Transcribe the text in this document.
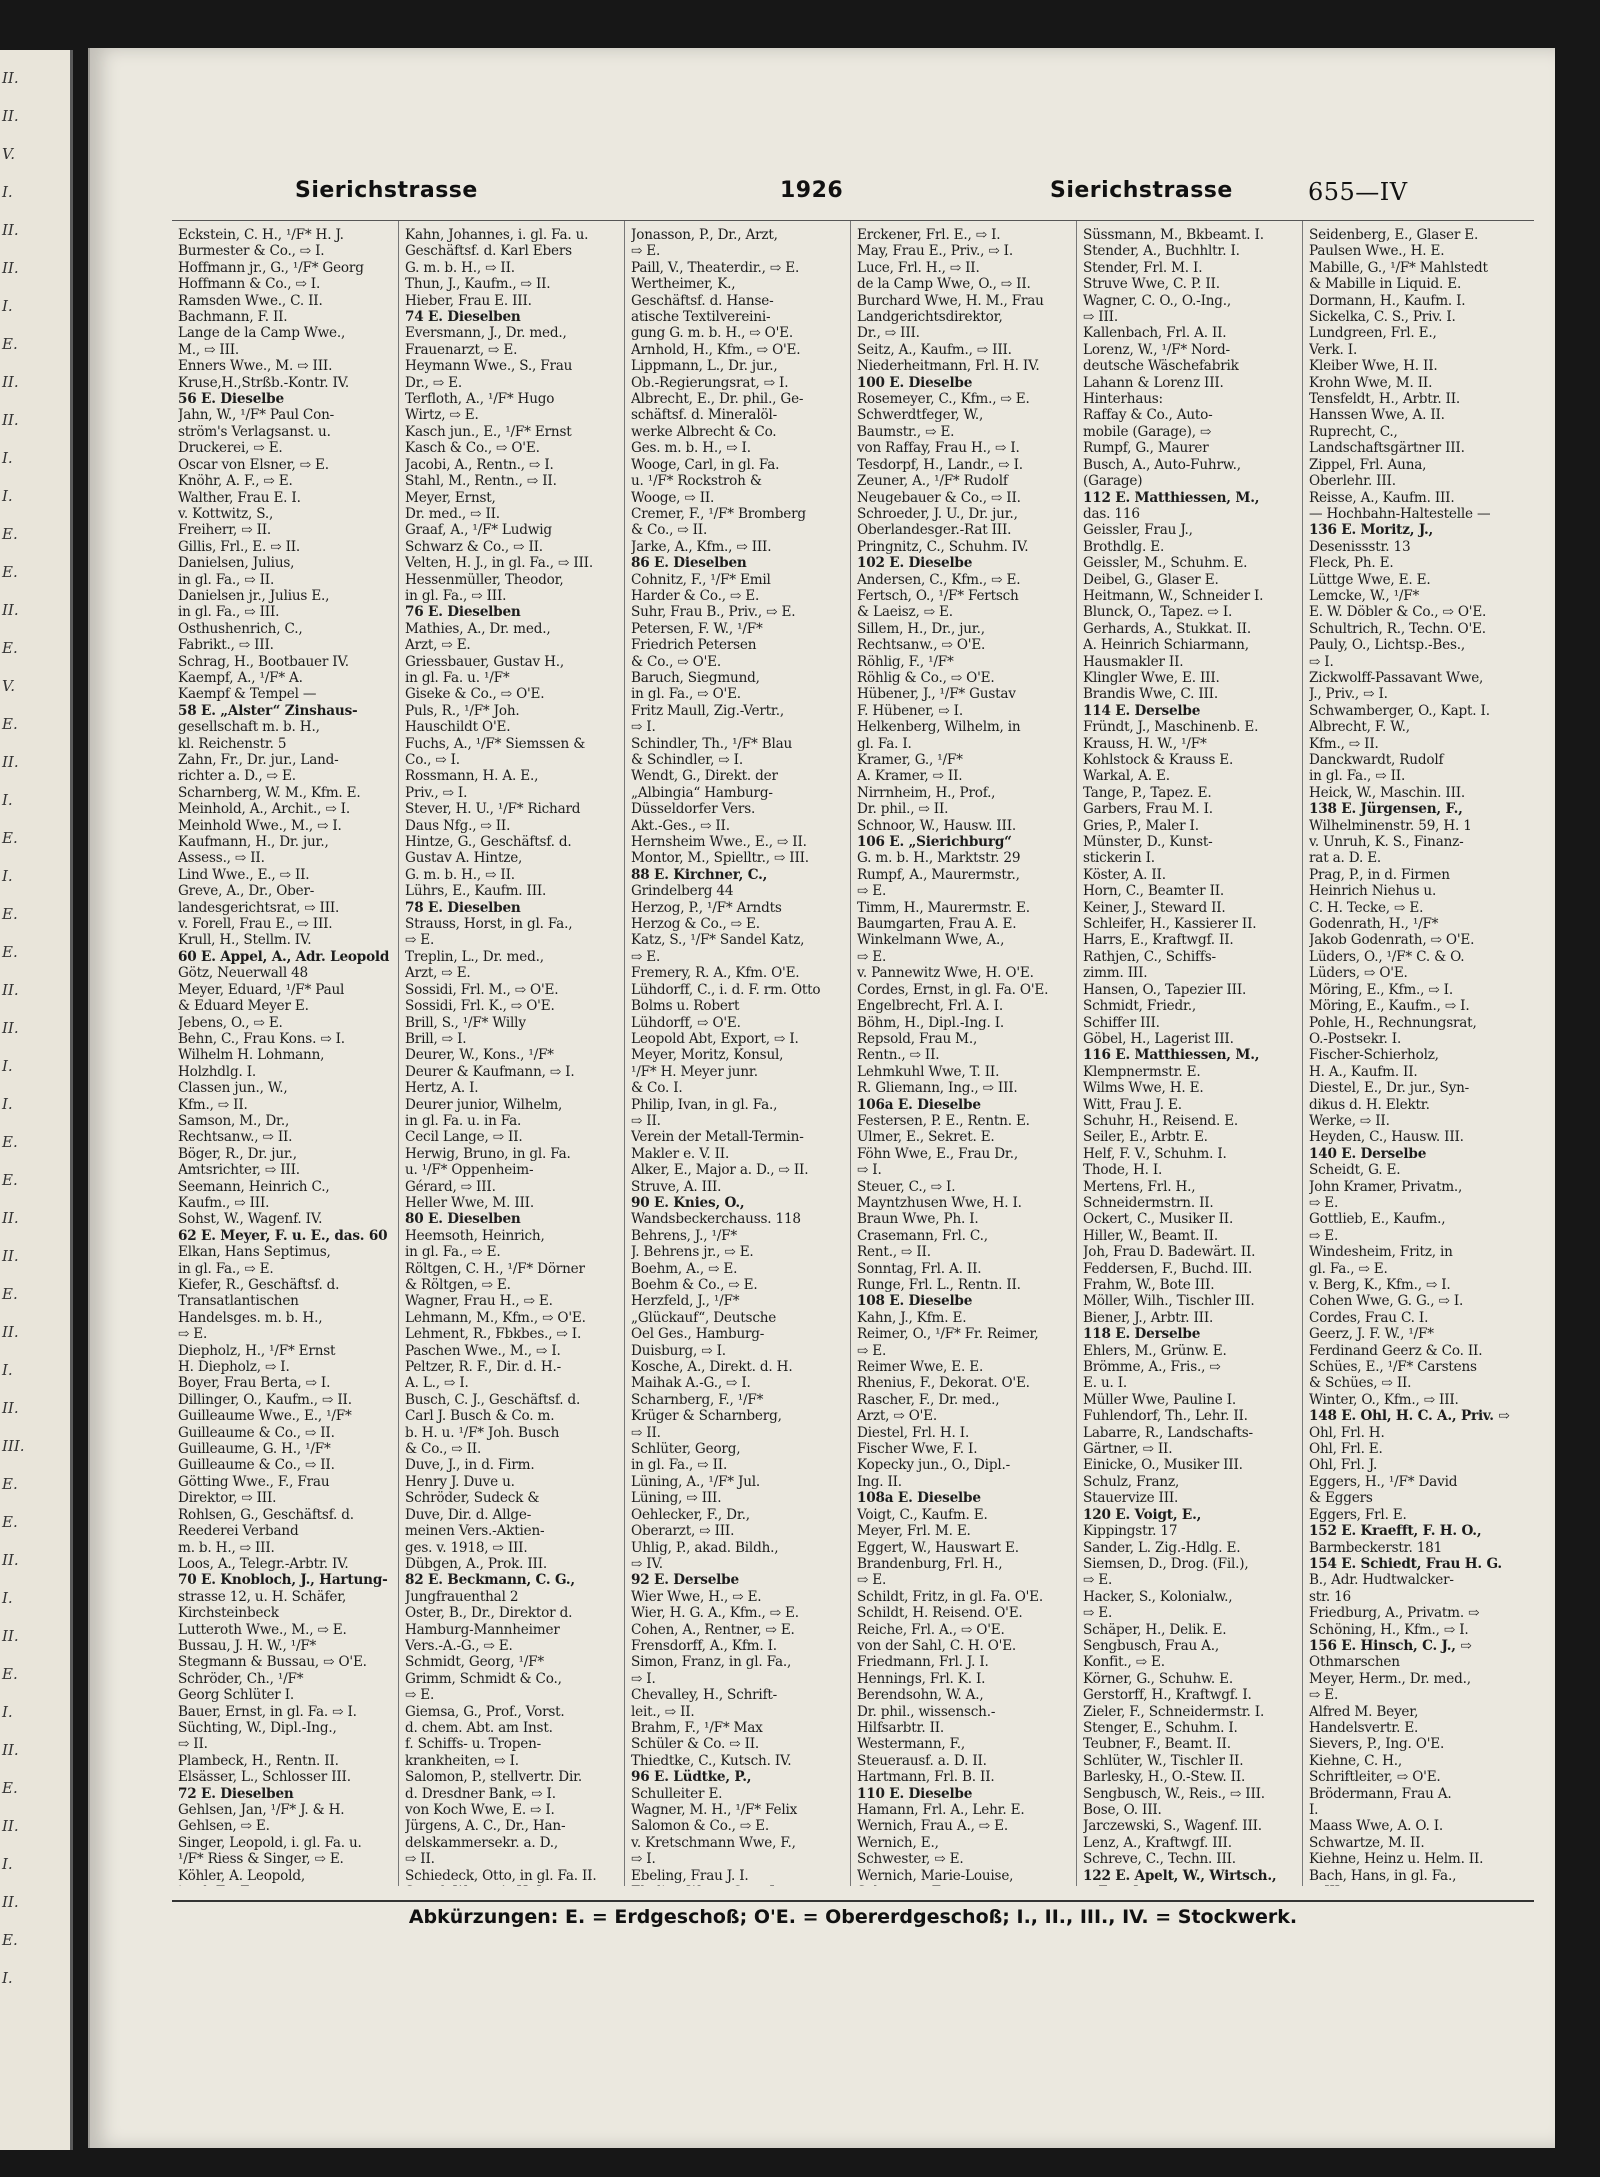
II.
II.
V.
I.
II.
II.
I.
E.
II.
II.
I.
I.
E.
E.
II.
E.
V.
E.
II.
I.
E.
I.
E.
E.
II.
II.
I.
I.
E.
E.
II.
II.
E.
II.
I.
II.
III.
E.
E.
II.
I.
II.
E.
I.
II.
E.
II.
I.
II.
E.
I.
Sierichstrasse	1926	Sierichstrasse	655—IV
Eckstein, C. H., ¹/F* H. J.
Burmester & Co., ⇨ I.
Hoffmann jr., G., ¹/F* Georg
Hoffmann & Co., ⇨ I.
Ramsden Wwe., C. II.
Bachmann, F. II.
Lange de la Camp Wwe.,
M., ⇨ III.
Enners Wwe., M. ⇨ III.
Kruse,H.,Strßb.-Kontr. IV.
56 E. Dieselbe
Jahn, W., ¹/F* Paul Con-
ström's Verlagsanst. u.
Druckerei, ⇨ E.
Oscar von Elsner, ⇨ E.
Knöhr, A. F., ⇨ E.
Walther, Frau E. I.
v. Kottwitz, S.,
Freiherr, ⇨ II.
Gillis, Frl., E. ⇨ II.
Danielsen, Julius,
in gl. Fa., ⇨ II.
Danielsen jr., Julius E.,
in gl. Fa., ⇨ III.
Osthushenrich, C.,
Fabrikt., ⇨ III.
Schrag, H., Bootbauer IV.
Kaempf, A., ¹/F* A.
Kaempf & Tempel —
58 E. „Alster“ Zinshaus-
gesellschaft m. b. H.,
kl. Reichenstr. 5
Zahn, Fr., Dr. jur., Land-
richter a. D., ⇨ E.
Scharnberg, W. M., Kfm. E.
Meinhold, A., Archit., ⇨ I.
Meinhold Wwe., M., ⇨ I.
Kaufmann, H., Dr. jur.,
Assess., ⇨ II.
Lind Wwe., E., ⇨ II.
Greve, A., Dr., Ober-
landesgerichtsrat, ⇨ III.
v. Forell, Frau E., ⇨ III.
Krull, H., Stellm. IV.
60 E. Appel, A., Adr. Leopold
Götz, Neuerwall 48
Meyer, Eduard, ¹/F* Paul
& Eduard Meyer E.
Jebens, O., ⇨ E.
Behn, C., Frau Kons. ⇨ I.
Wilhelm H. Lohmann,
Holzhdlg. I.
Classen jun., W.,
Kfm., ⇨ II.
Samson, M., Dr.,
Rechtsanw., ⇨ II.
Böger, R., Dr. jur.,
Amtsrichter, ⇨ III.
Seemann, Heinrich C.,
Kaufm., ⇨ III.
Sohst, W., Wagenf. IV.
62 E. Meyer, F. u. E., das. 60
Elkan, Hans Septimus,
in gl. Fa., ⇨ E.
Kiefer, R., Geschäftsf. d.
Transatlantischen
Handelsges. m. b. H.,
⇨ E.
Diepholz, H., ¹/F* Ernst
H. Diepholz, ⇨ I.
Boyer, Frau Berta, ⇨ I.
Dillinger, O., Kaufm., ⇨ II.
Guilleaume Wwe., E., ¹/F*
Guilleaume & Co., ⇨ II.
Guilleaume, G. H., ¹/F*
Guilleaume & Co., ⇨ II.
Götting Wwe., F., Frau
Direktor, ⇨ III.
Rohlsen, G., Geschäftsf. d.
Reederei Verband
m. b. H., ⇨ III.
Loos, A., Telegr.-Arbtr. IV.
70 E. Knobloch, J., Hartung-
strasse 12, u. H. Schäfer,
Kirchsteinbeck
Lutteroth Wwe., M., ⇨ E.
Bussau, J. H. W., ¹/F*
Stegmann & Bussau, ⇨ O'E.
Schröder, Ch., ¹/F*
Georg Schlüter I.
Bauer, Ernst, in gl. Fa. ⇨ I.
Süchting, W., Dipl.-Ing.,
⇨ II.
Plambeck, H., Rentn. II.
Elsässer, L., Schlosser III.
72 E. Dieselben
Gehlsen, Jan, ¹/F* J. & H.
Gehlsen, ⇨ E.
Singer, Leopold, i. gl. Fa. u.
¹/F* Riess & Singer, ⇨ E.
Köhler, A. Leopold,
Kahn, Johannes, i. gl. Fa. u.
Geschäftsf. d. Karl Ebers
G. m. b. H., ⇨ II.
Thun, J., Kaufm., ⇨ II.
Hieber, Frau E. III.
74 E. Dieselben
Eversmann, J., Dr. med.,
Frauenarzt, ⇨ E.
Heymann Wwe., S., Frau
Dr., ⇨ E.
Terfloth, A., ¹/F* Hugo
Wirtz, ⇨ E.
Kasch jun., E., ¹/F* Ernst
Kasch & Co., ⇨ O'E.
Jacobi, A., Rentn., ⇨ I.
Stahl, M., Rentn., ⇨ II.
Meyer, Ernst,
Dr. med., ⇨ II.
Graaf, A., ¹/F* Ludwig
Schwarz & Co., ⇨ II.
Velten, H. J., in gl. Fa., ⇨ III.
Hessenmüller, Theodor,
in gl. Fa., ⇨ III.
76 E. Dieselben
Mathies, A., Dr. med.,
Arzt, ⇨ E.
Griessbauer, Gustav H.,
in gl. Fa. u. ¹/F*
Giseke & Co., ⇨ O'E.
Puls, R., ¹/F* Joh.
Hauschildt O'E.
Fuchs, A., ¹/F* Siemssen &
Co., ⇨ I.
Rossmann, H. A. E.,
Priv., ⇨ I.
Stever, H. U., ¹/F* Richard
Daus Nfg., ⇨ II.
Hintze, G., Geschäftsf. d.
Gustav A. Hintze,
G. m. b. H., ⇨ II.
Lührs, E., Kaufm. III.
78 E. Dieselben
Strauss, Horst, in gl. Fa.,
⇨ E.
Treplin, L., Dr. med.,
Arzt, ⇨ E.
Sossidi, Frl. M., ⇨ O'E.
Sossidi, Frl. K., ⇨ O'E.
Brill, S., ¹/F* Willy
Brill, ⇨ I.
Deurer, W., Kons., ¹/F*
Deurer & Kaufmann, ⇨ I.
Hertz, A. I.
Deurer junior, Wilhelm,
in gl. Fa. u. in Fa.
Cecil Lange, ⇨ II.
Herwig, Bruno, in gl. Fa.
u. ¹/F* Oppenheim-
Gérard, ⇨ III.
Heller Wwe, M. III.
80 E. Dieselben
Heemsoth, Heinrich,
in gl. Fa., ⇨ E.
Röltgen, C. H., ¹/F* Dörner
& Röltgen, ⇨ E.
Wagner, Frau H., ⇨ E.
Lehmann, M., Kfm., ⇨ O'E.
Lehment, R., Fbkbes., ⇨ I.
Paschen Wwe., M., ⇨ I.
Peltzer, R. F., Dir. d. H.-
A. L., ⇨ I.
Busch, C. J., Geschäftsf. d.
Carl J. Busch & Co. m.
b. H. u. ¹/F* Joh. Busch
& Co., ⇨ II.
Duve, J., in d. Firm.
Henry J. Duve u.
Schröder, Sudeck &
Duve, Dir. d. Allge-
meinen Vers.-Aktien-
ges. v. 1918, ⇨ III.
Dübgen, A., Prok. III.
82 E. Beckmann, C. G.,
Jungfrauenthal 2
Oster, B., Dr., Direktor d.
Hamburg-Mannheimer
Vers.-A.-G., ⇨ E.
Schmidt, Georg, ¹/F*
Grimm, Schmidt & Co.,
⇨ E.
Giemsa, G., Prof., Vorst.
d. chem. Abt. am Inst.
f. Schiffs- u. Tropen-
krankheiten, ⇨ I.
Salomon, P., stellvertr. Dir.
d. Dresdner Bank, ⇨ I.
von Koch Wwe, E. ⇨ I.
Jürgens, A. C., Dr., Han-
delskammersekr. a. D.,
⇨ II.
Schiedeck, Otto, in gl. Fa. II.
Jonasson, P., Dr., Arzt,
⇨ E.
Paill, V., Theaterdir., ⇨ E.
Wertheimer, K.,
Geschäftsf. d. Hanse-
atische Textilvereini-
gung G. m. b. H., ⇨ O'E.
Arnhold, H., Kfm., ⇨ O'E.
Lippmann, L., Dr. jur.,
Ob.-Regierungsrat, ⇨ I.
Albrecht, E., Dr. phil., Ge-
schäftsf. d. Mineralöl-
werke Albrecht & Co.
Ges. m. b. H., ⇨ I.
Wooge, Carl, in gl. Fa.
u. ¹/F* Rockstroh &
Wooge, ⇨ II.
Cremer, F., ¹/F* Bromberg
& Co., ⇨ II.
Jarke, A., Kfm., ⇨ III.
86 E. Dieselben
Cohnitz, F., ¹/F* Emil
Harder & Co., ⇨ E.
Suhr, Frau B., Priv., ⇨ E.
Petersen, F. W., ¹/F*
Friedrich Petersen
& Co., ⇨ O'E.
Baruch, Siegmund,
in gl. Fa., ⇨ O'E.
Fritz Maull, Zig.-Vertr.,
⇨ I.
Schindler, Th., ¹/F* Blau
& Schindler, ⇨ I.
Wendt, G., Direkt. der
„Albingia“ Hamburg-
Düsseldorfer Vers.
Akt.-Ges., ⇨ II.
Hernsheim Wwe., E., ⇨ II.
Montor, M., Spielltr., ⇨ III.
88 E. Kirchner, C.,
Grindelberg 44
Herzog, P., ¹/F* Arndts
Herzog & Co., ⇨ E.
Katz, S., ¹/F* Sandel Katz,
⇨ E.
Fremery, R. A., Kfm. O'E.
Lühdorff, C., i. d. F. rm. Otto
Bolms u. Robert
Lühdorff, ⇨ O'E.
Leopold Abt, Export, ⇨ I.
Meyer, Moritz, Konsul,
¹/F* H. Meyer junr.
& Co. I.
Philip, Ivan, in gl. Fa.,
⇨ II.
Verein der Metall-Termin-
Makler e. V. II.
Alker, E., Major a. D., ⇨ II.
Struve, A. III.
90 E. Knies, O.,
Wandsbeckerchauss. 118
Behrens, J., ¹/F*
J. Behrens jr., ⇨ E.
Boehm, A., ⇨ E.
Boehm & Co., ⇨ E.
Herzfeld, J., ¹/F*
„Glückauf“, Deutsche
Oel Ges., Hamburg-
Duisburg, ⇨ I.
Kosche, A., Direkt. d. H.
Maihak A.-G., ⇨ I.
Scharnberg, F., ¹/F*
Krüger & Scharnberg,
⇨ II.
Schlüter, Georg,
in gl. Fa., ⇨ II.
Lüning, A., ¹/F* Jul.
Lüning, ⇨ III.
Oehlecker, F., Dr.,
Oberarzt, ⇨ III.
Uhlig, P., akad. Bildh.,
⇨ IV.
92 E. Derselbe
Wier Wwe, H., ⇨ E.
Wier, H. G. A., Kfm., ⇨ E.
Cohen, A., Rentner, ⇨ E.
Frensdorff, A., Kfm. I.
Simon, Franz, in gl. Fa.,
⇨ I.
Chevalley, H., Schrift-
leit., ⇨ II.
Brahm, F., ¹/F* Max
Schüler & Co. ⇨ II.
Thiedtke, C., Kutsch. IV.
96 E. Lüdtke, P.,
Schulleiter E.
Wagner, M. H., ¹/F* Felix
Salomon & Co., ⇨ E.
v. Kretschmann Wwe, F.,
⇨ I.
Ebeling, Frau J. I.
Erckener, Frl. E., ⇨ I.
May, Frau E., Priv., ⇨ I.
Luce, Frl. H., ⇨ II.
de la Camp Wwe, O., ⇨ II.
Burchard Wwe, H. M., Frau
Landgerichtsdirektor,
Dr., ⇨ III.
Seitz, A., Kaufm., ⇨ III.
Niederheitmann, Frl. H. IV.
100 E. Dieselbe
Rosemeyer, C., Kfm., ⇨ E.
Schwerdtfeger, W.,
Baumstr., ⇨ E.
von Raffay, Frau H., ⇨ I.
Tesdorpf, H., Landr., ⇨ I.
Zeuner, A., ¹/F* Rudolf
Neugebauer & Co., ⇨ II.
Schroeder, J. U., Dr. jur.,
Oberlandesger.-Rat III.
Pringnitz, C., Schuhm. IV.
102 E. Dieselbe
Andersen, C., Kfm., ⇨ E.
Fertsch, O., ¹/F* Fertsch
& Laeisz, ⇨ E.
Sillem, H., Dr., jur.,
Rechtsanw., ⇨ O'E.
Röhlig, F., ¹/F*
Röhlig & Co., ⇨ O'E.
Hübener, J., ¹/F* Gustav
F. Hübener, ⇨ I.
Helkenberg, Wilhelm, in
gl. Fa. I.
Kramer, G., ¹/F*
A. Kramer, ⇨ II.
Nirrnheim, H., Prof.,
Dr. phil., ⇨ II.
Schnoor, W., Hausw. III.
106 E. „Sierichburg“
G. m. b. H., Marktstr. 29
Rumpf, A., Maurermstr.,
⇨ E.
Timm, H., Maurermstr. E.
Baumgarten, Frau A. E.
Winkelmann Wwe, A.,
⇨ E.
v. Pannewitz Wwe, H. O'E.
Cordes, Ernst, in gl. Fa. O'E.
Engelbrecht, Frl. A. I.
Böhm, H., Dipl.-Ing. I.
Repsold, Frau M.,
Rentn., ⇨ II.
Lehmkuhl Wwe, T. II.
R. Gliemann, Ing., ⇨ III.
106a E. Dieselbe
Festersen, P. E., Rentn. E.
Ulmer, E., Sekret. E.
Föhn Wwe, E., Frau Dr.,
⇨ I.
Steuer, C., ⇨ I.
Mayntzhusen Wwe, H. I.
Braun Wwe, Ph. I.
Crasemann, Frl. C.,
Rent., ⇨ II.
Sonntag, Frl. A. II.
Runge, Frl. L., Rentn. II.
108 E. Dieselbe
Kahn, J., Kfm. E.
Reimer, O., ¹/F* Fr. Reimer,
⇨ E.
Reimer Wwe, E. E.
Rhenius, F., Dekorat. O'E.
Rascher, F., Dr. med.,
Arzt, ⇨ O'E.
Diestel, Frl. H. I.
Fischer Wwe, F. I.
Kopecky jun., O., Dipl.-
Ing. II.
108a E. Dieselbe
Voigt, C., Kaufm. E.
Meyer, Frl. M. E.
Eggert, W., Hauswart E.
Brandenburg, Frl. H.,
⇨ E.
Schildt, Fritz, in gl. Fa. O'E.
Schildt, H. Reisend. O'E.
Reiche, Frl. A., ⇨ O'E.
von der Sahl, C. H. O'E.
Friedmann, Frl. J. I.
Hennings, Frl. K. I.
Berendsohn, W. A.,
Dr. phil., wissensch.-
Hilfsarbtr. II.
Westermann, F.,
Steuerausf. a. D. II.
Hartmann, Frl. B. II.
110 E. Dieselbe
Hamann, Frl. A., Lehr. E.
Wernich, Frau A., ⇨ E.
Wernich, E.,
Schwester, ⇨ E.
Wernich, Marie-Louise,
Süssmann, M., Bkbeamt. I.
Stender, A., Buchhltr. I.
Stender, Frl. M. I.
Struve Wwe, C. P. II.
Wagner, C. O., O.-Ing.,
⇨ III.
Kallenbach, Frl. A. II.
Lorenz, W., ¹/F* Nord-
deutsche Wäschefabrik
Lahann & Lorenz III.
Hinterhaus:
Raffay & Co., Auto-
mobile (Garage), ⇨
Rumpf, G., Maurer
Busch, A., Auto-Fuhrw.,
(Garage)
112 E. Matthiessen, M.,
das. 116
Geissler, Frau J.,
Brothdlg. E.
Geissler, M., Schuhm. E.
Deibel, G., Glaser E.
Heitmann, W., Schneider I.
Blunck, O., Tapez. ⇨ I.
Gerhards, A., Stukkat. II.
A. Heinrich Schiarmann,
Hausmakler II.
Klingler Wwe, E. III.
Brandis Wwe, C. III.
114 E. Derselbe
Fründt, J., Maschinenb. E.
Krauss, H. W., ¹/F*
Kohlstock & Krauss E.
Warkal, A. E.
Tange, P., Tapez. E.
Garbers, Frau M. I.
Gries, P., Maler I.
Münster, D., Kunst-
stickerin I.
Köster, A. II.
Horn, C., Beamter II.
Keiner, J., Steward II.
Schleifer, H., Kassierer II.
Harrs, E., Kraftwgf. II.
Rathjen, C., Schiffs-
zimm. III.
Hansen, O., Tapezier III.
Schmidt, Friedr.,
Schiffer III.
Göbel, H., Lagerist III.
116 E. Matthiessen, M.,
Klempnermstr. E.
Wilms Wwe, H. E.
Witt, Frau J. E.
Schuhr, H., Reisend. E.
Seiler, E., Arbtr. E.
Helf, F. V., Schuhm. I.
Thode, H. I.
Mertens, Frl. H.,
Schneidermstrn. II.
Ockert, C., Musiker II.
Hiller, W., Beamt. II.
Joh, Frau D. Badewärt. II.
Feddersen, F., Buchd. III.
Frahm, W., Bote III.
Möller, Wilh., Tischler III.
Biener, J., Arbtr. III.
118 E. Derselbe
Ehlers, M., Grünw. E.
Brömme, A., Fris., ⇨
E. u. I.
Müller Wwe, Pauline I.
Fuhlendorf, Th., Lehr. II.
Labarre, R., Landschafts-
Gärtner, ⇨ II.
Einicke, O., Musiker III.
Schulz, Franz,
Stauervize III.
120 E. Voigt, E.,
Kippingstr. 17
Sander, L. Zig.-Hdlg. E.
Siemsen, D., Drog. (Fil.),
⇨ E.
Hacker, S., Kolonialw.,
⇨ E.
Schäper, H., Delik. E.
Sengbusch, Frau A.,
Konfit., ⇨ E.
Körner, G., Schuhw. E.
Gerstorff, H., Kraftwgf. I.
Zieler, F., Schneidermstr. I.
Stenger, E., Schuhm. I.
Teubner, F., Beamt. II.
Schlüter, W., Tischler II.
Barlesky, H., O.-Stew. II.
Sengbusch, W., Reis., ⇨ III.
Bose, O. III.
Jarczewski, S., Wagenf. III.
Lenz, A., Kraftwgf. III.
Schreve, C., Techn. III.
122 E. Apelt, W., Wirtsch.,
Seidenberg, E., Glaser E.
Paulsen Wwe., H. E.
Mabille, G., ¹/F* Mahlstedt
& Mabille in Liquid. E.
Dormann, H., Kaufm. I.
Sickelka, C. S., Priv. I.
Lundgreen, Frl. E.,
Verk. I.
Kleiber Wwe, H. II.
Krohn Wwe, M. II.
Tensfeldt, H., Arbtr. II.
Hanssen Wwe, A. II.
Ruprecht, C.,
Landschaftsgärtner III.
Zippel, Frl. Auna,
Oberlehr. III.
Reisse, A., Kaufm. III.
— Hochbahn-Haltestelle —
136 E. Moritz, J.,
Desenissstr. 13
Fleck, Ph. E.
Lüttge Wwe, E. E.
Lemcke, W., ¹/F*
E. W. Döbler & Co., ⇨ O'E.
Schultrich, R., Techn. O'E.
Pauly, O., Lichtsp.-Bes.,
⇨ I.
Zickwolff-Passavant Wwe,
J., Priv., ⇨ I.
Schwamberger, O., Kapt. I.
Albrecht, F. W.,
Kfm., ⇨ II.
Danckwardt, Rudolf
in gl. Fa., ⇨ II.
Heick, W., Maschin. III.
138 E. Jürgensen, F.,
Wilhelminenstr. 59, H. 1
v. Unruh, K. S., Finanz-
rat a. D. E.
Prag, P., in d. Firmen
Heinrich Niehus u.
C. H. Tecke, ⇨ E.
Godenrath, H., ¹/F*
Jakob Godenrath, ⇨ O'E.
Lüders, O., ¹/F* C. & O.
Lüders, ⇨ O'E.
Möring, E., Kfm., ⇨ I.
Möring, E., Kaufm., ⇨ I.
Pohle, H., Rechnungsrat,
O.-Postsekr. I.
Fischer-Schierholz,
H. A., Kaufm. II.
Diestel, E., Dr. jur., Syn-
dikus d. H. Elektr.
Werke, ⇨ II.
Heyden, C., Hausw. III.
140 E. Derselbe
Scheidt, G. E.
John Kramer, Privatm.,
⇨ E.
Gottlieb, E., Kaufm.,
⇨ E.
Windesheim, Fritz, in
gl. Fa., ⇨ E.
v. Berg, K., Kfm., ⇨ I.
Cohen Wwe, G. G., ⇨ I.
Cordes, Frau C. I.
Geerz, J. F. W., ¹/F*
Ferdinand Geerz & Co. II.
Schües, E., ¹/F* Carstens
& Schües, ⇨ II.
Winter, O., Kfm., ⇨ III.
148 E. Ohl, H. C. A., Priv. ⇨
Ohl, Frl. H.
Ohl, Frl. E.
Ohl, Frl. J.
Eggers, H., ¹/F* David
& Eggers
Eggers, Frl. E.
152 E. Kraefft, F. H. O.,
Barmbeckerstr. 181
154 E. Schiedt, Frau H. G.
B., Adr. Hudtwalcker-
str. 16
Friedburg, A., Privatm. ⇨
Schöning, H., Kfm., ⇨ I.
156 E. Hinsch, C. J., ⇨
Othmarschen
Meyer, Herm., Dr. med.,
⇨ E.
Alfred M. Beyer,
Handelsvertr. E.
Sievers, P., Ing. O'E.
Kiehne, C. H.,
Schriftleiter, ⇨ O'E.
Brödermann, Frau A.
I.
Maass Wwe, A. O. I.
Schwartze, M. II.
Kiehne, Heinz u. Helm. II.
Bach, Hans, in gl. Fa.,
Abkürzungen: E. = Erdgeschoß; O'E. = Obererdgeschoß; I., II., III., IV. = Stockwerk.
